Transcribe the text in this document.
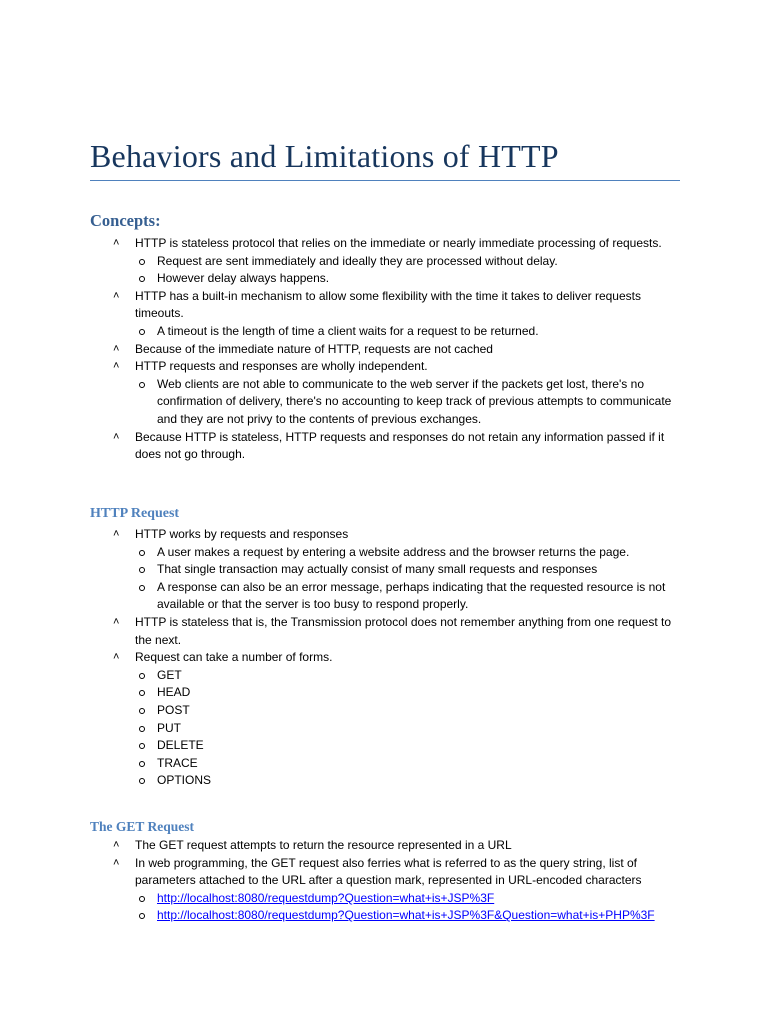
Behaviors and Limitations of HTTP
Concepts:
˄ HTTP is stateless protocol that relies on the immediate or nearly immediate processing of requests.
Request are sent immediately and ideally they are processed without delay.
However delay always happens.
˄ HTTP has a built-in mechanism to allow some flexibility with the time it takes to deliver requests timeouts.
A timeout is the length of time a client waits for a request to be returned.
˄ Because of the immediate nature of HTTP, requests are not cached
˄ HTTP requests and responses are wholly independent.
Web clients are not able to communicate to the web server if the packets get lost, there's no confirmation of delivery, there's no accounting to keep track of previous attempts to communicate and they are not privy to the contents of previous exchanges.
˄ Because HTTP is stateless, HTTP requests and responses do not retain any information passed if it does not go through.
HTTP Request
˄ HTTP works by requests and responses
A user makes a request by entering a website address and the browser returns the page.
That single transaction may actually consist of many small requests and responses
A response can also be an error message, perhaps indicating that the requested resource is not available or that the server is too busy to respond properly.
˄ HTTP is stateless that is, the Transmission protocol does not remember anything from one request to the next.
˄ Request can take a number of forms.
GET
HEAD
POST
PUT
DELETE
TRACE
OPTIONS
The GET Request
˄ The GET request attempts to return the resource represented in a URL
˄ In web programming, the GET request also ferries what is referred to as the query string, list of parameters attached to the URL after a question mark, represented in URL-encoded characters
http://localhost:8080/requestdump?Question=what+is+JSP%3F
http://localhost:8080/requestdump?Question=what+is+JSP%3F&Question=what+is+PHP%3F
